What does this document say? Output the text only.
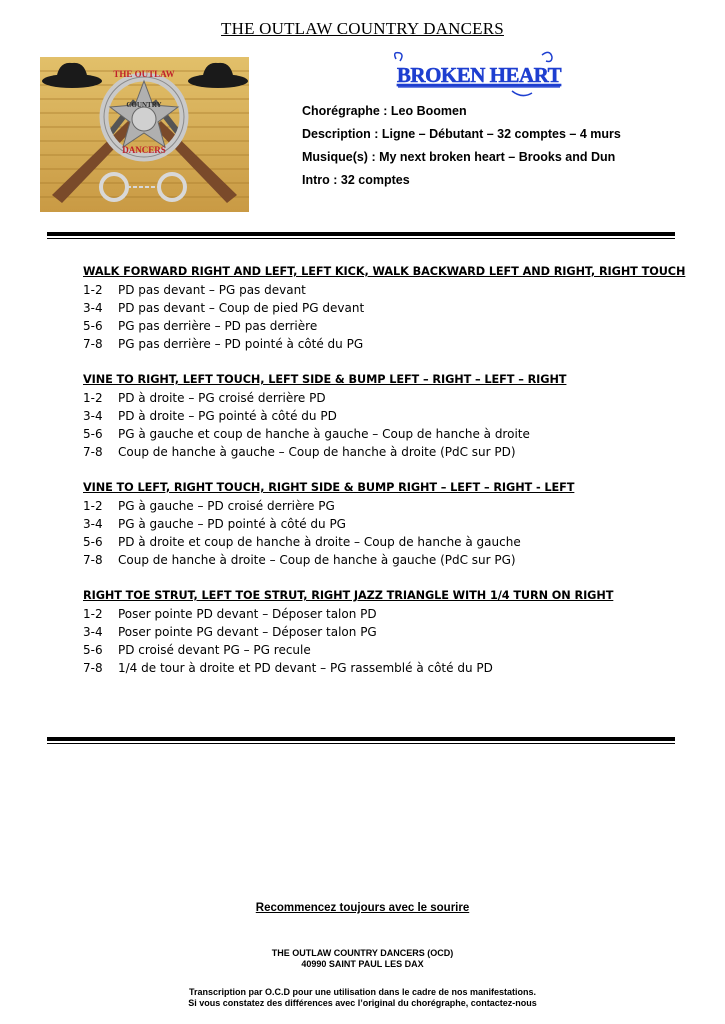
THE OUTLAW COUNTRY DANCERS
THE OUTLAW
COUNTRY
DANCERS
BROKEN HEART
Chorégraphe : Leo Boomen
Description : Ligne – Débutant – 32 comptes – 4 murs
Musique(s) : My next broken heart – Brooks and Dun
Intro : 32 comptes
WALK FORWARD RIGHT AND LEFT, LEFT KICK, WALK BACKWARD LEFT AND RIGHT, RIGHT TOUCH
1-2 PD pas devant – PG pas devant
3-4 PD pas devant – Coup de pied PG devant
5-6 PG pas derrière – PD pas derrière
7-8 PG pas derrière – PD pointé à côté du PG
VINE TO RIGHT, LEFT TOUCH, LEFT SIDE & BUMP LEFT – RIGHT – LEFT – RIGHT
1-2 PD à droite – PG croisé derrière PD
3-4 PD à droite – PG pointé à côté du PD
5-6 PG à gauche et coup de hanche à gauche – Coup de hanche à droite
7-8 Coup de hanche à gauche – Coup de hanche à droite (PdC sur PD)
VINE TO LEFT, RIGHT TOUCH, RIGHT SIDE & BUMP RIGHT – LEFT – RIGHT - LEFT
1-2 PG à gauche – PD croisé derrière PG
3-4 PG à gauche – PD pointé à côté du PG
5-6 PD à droite et coup de hanche à droite – Coup de hanche à gauche
7-8 Coup de hanche à droite – Coup de hanche à gauche (PdC sur PG)
RIGHT TOE STRUT, LEFT TOE STRUT, RIGHT JAZZ TRIANGLE WITH 1/4 TURN ON RIGHT
1-2 Poser pointe PD devant – Déposer talon PD
3-4 Poser pointe PG devant – Déposer talon PG
5-6 PD croisé devant PG – PG recule
7-8 1/4 de tour à droite et PD devant – PG rassemblé à côté du PD
Recommencez toujours avec le sourire
THE OUTLAW COUNTRY DANCERS (OCD)
40990 SAINT PAUL LES DAX
Transcription par O.C.D pour une utilisation dans le cadre de nos manifestations.
Si vous constatez des différences avec l’original du chorégraphe, contactez-nous
